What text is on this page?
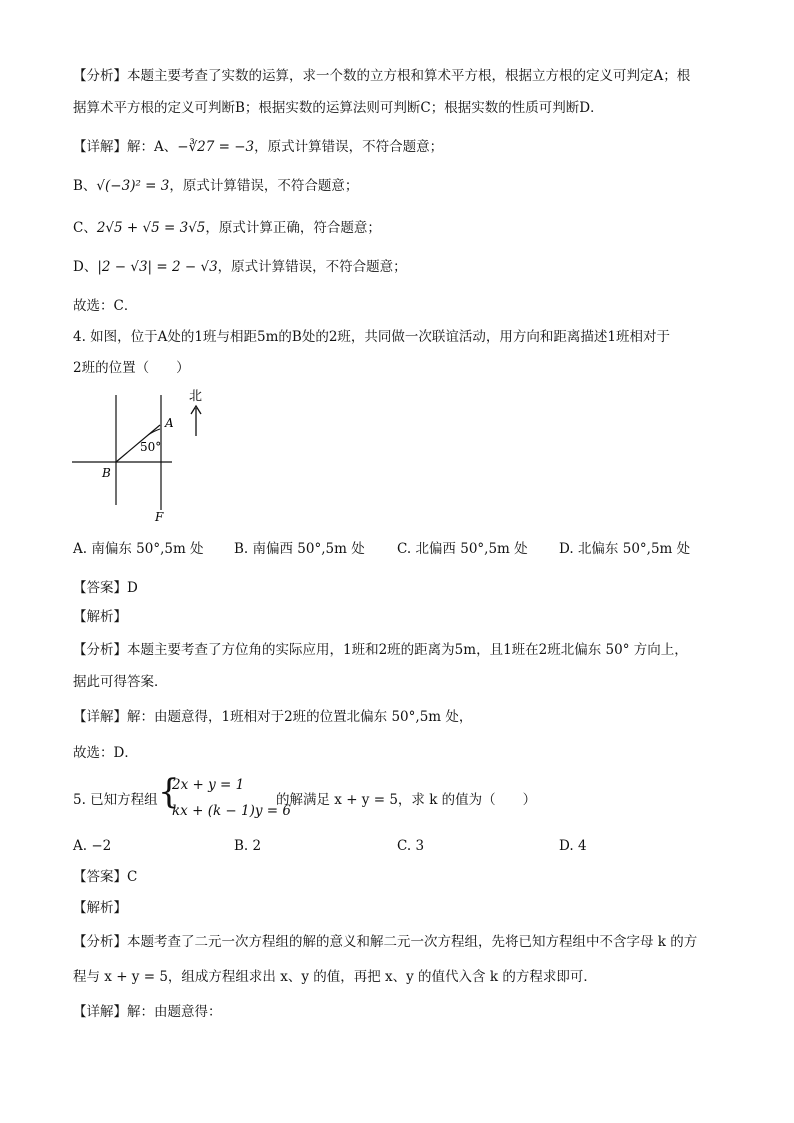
【分析】本题主要考查了实数的运算，求一个数的立方根和算术平方根，根据立方根的定义可判定A；根
据算术平方根的定义可判断B；根据实数的运算法则可判断C；根据实数的性质可判断D．
【详解】解：A、−∛27 = −3，原式计算错误，不符合题意；
B、√(−3)² = 3，原式计算错误，不符合题意；
C、2√5 + √5 = 3√5，原式计算正确，符合题意；
D、|2 − √3| = 2 − √3，原式计算错误，不符合题意；
故选：C．
4. 如图，位于A处的1班与相距5m的B处的2班，共同做一次联谊活动，用方向和距离描述1班相对于
2班的位置（　　）
50°
A
B
F
北
A. 南偏东 50°,5m 处 B. 南偏西 50°,5m 处 C. 北偏西 50°,5m 处 D. 北偏东 50°,5m 处
【答案】D
【解析】
【分析】本题主要考查了方位角的实际应用，1班和2班的距离为5m，且1班在2班北偏东 50° 方向上，
据此可得答案．
【详解】解：由题意得，1班相对于2班的位置北偏东 50°,5m 处，
故选：D．
5. 已知方程组 {
2x + y = 1
kx + (k − 1)y = 6
的解满足 x + y = 5，求 k 的值为（　　）
A. −2	B. 2	C. 3	D. 4
【答案】C
【解析】
【分析】本题考查了二元一次方程组的解的意义和解二元一次方程组，先将已知方程组中不含字母 k 的方
程与 x + y = 5，组成方程组求出 x、y 的值，再把 x、y 的值代入含 k 的方程求即可．
【详解】解：由题意得：
